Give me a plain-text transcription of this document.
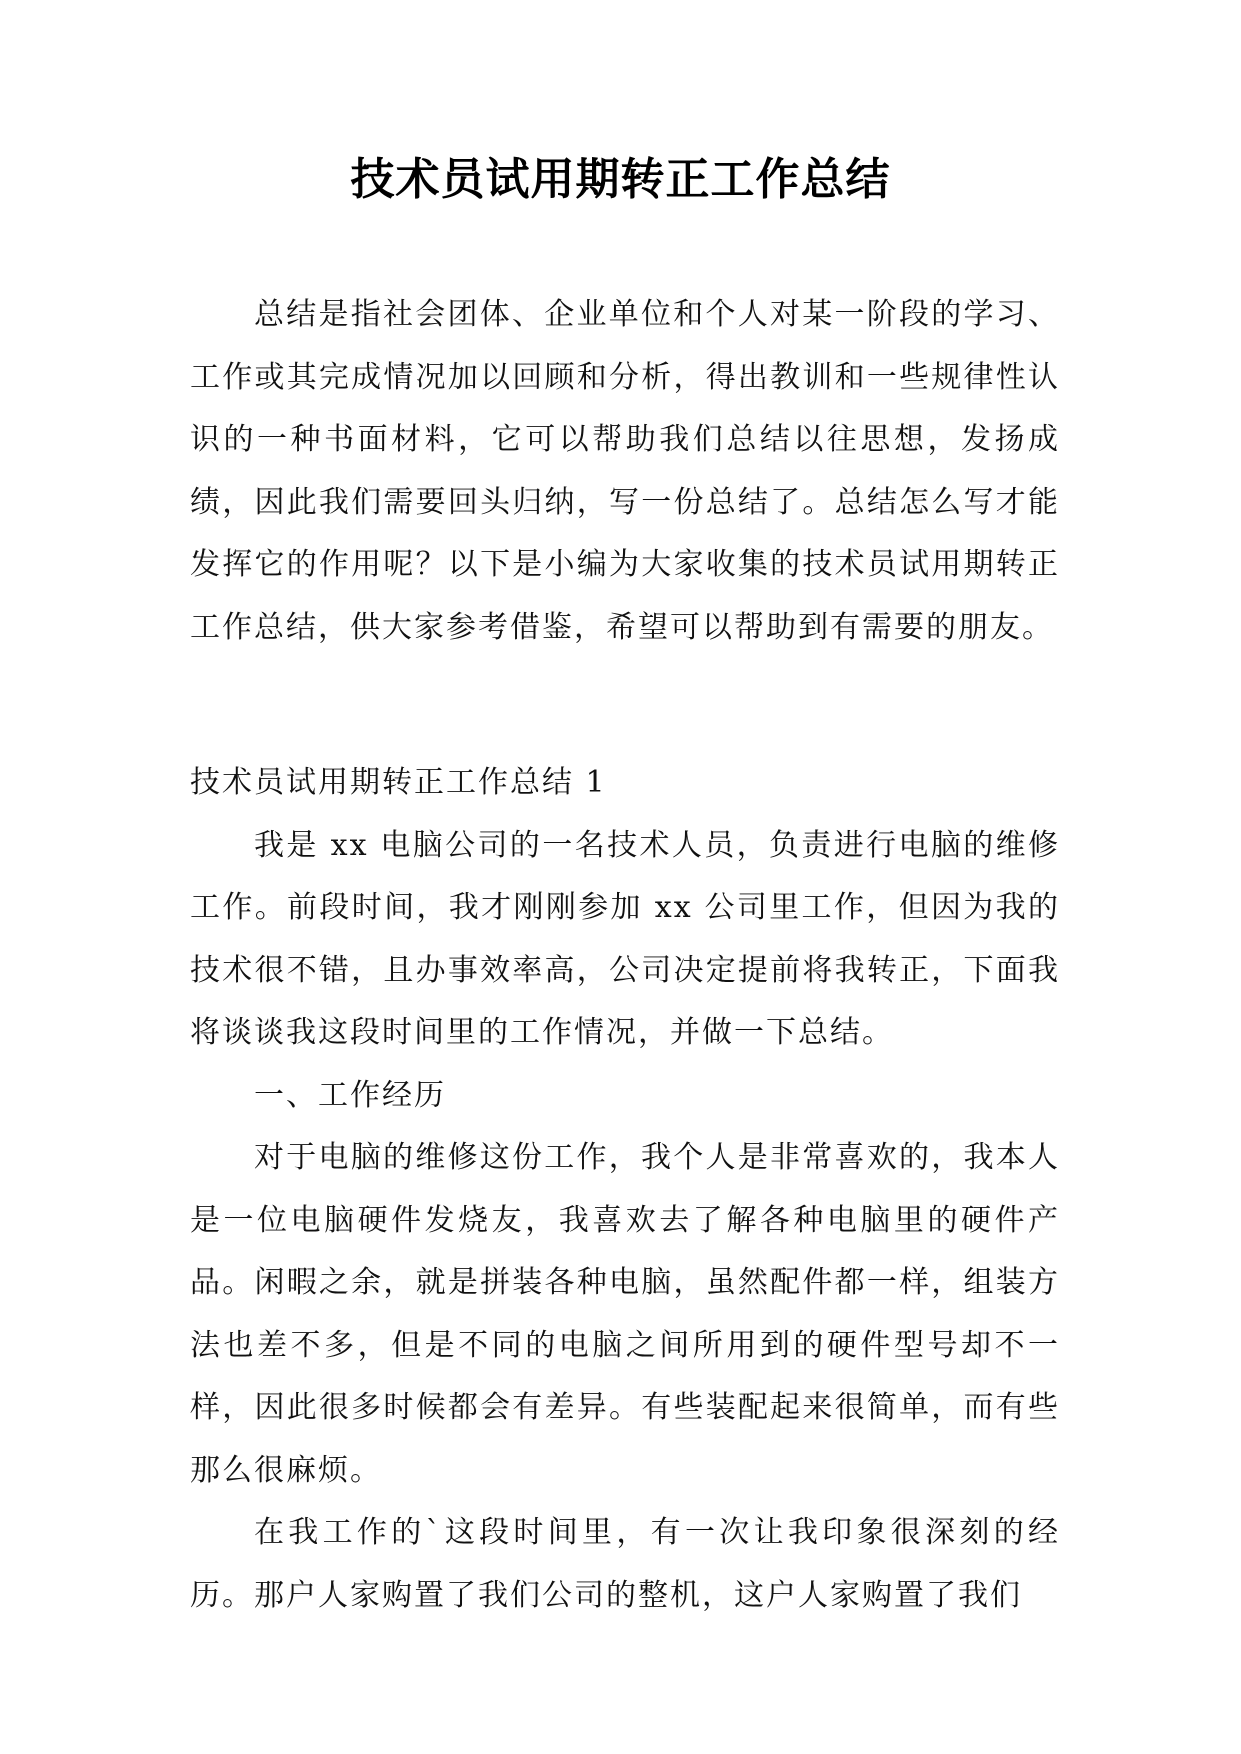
技术员试用期转正工作总结

总结是指社会团体、企业单位和个人对某一阶段的学习、工作或其完成情况加以回顾和分析，得出教训和一些规律性认识的一种书面材料，它可以帮助我们总结以往思想，发扬成绩，因此我们需要回头归纳，写一份总结了。总结怎么写才能发挥它的作用呢？以下是小编为大家收集的技术员试用期转正工作总结，供大家参考借鉴，希望可以帮助到有需要的朋友。

技术员试用期转正工作总结 1

我是 xx 电脑公司的一名技术人员，负责进行电脑的维修工作。前段时间，我才刚刚参加 xx 公司里工作，但因为我的技术很不错，且办事效率高，公司决定提前将我转正，下面我将谈谈我这段时间里的工作情况，并做一下总结。

一、工作经历

对于电脑的维修这份工作，我个人是非常喜欢的，我本人是一位电脑硬件发烧友，我喜欢去了解各种电脑里的硬件产品。闲暇之余，就是拼装各种电脑，虽然配件都一样，组装方法也差不多，但是不同的电脑之间所用到的硬件型号却不一样，因此很多时候都会有差异。有些装配起来很简单，而有些那么很麻烦。

在我工作的`这段时间里，有一次让我印象很深刻的经历。那户人家购置了我们公司的整机，这户人家购置了我们
